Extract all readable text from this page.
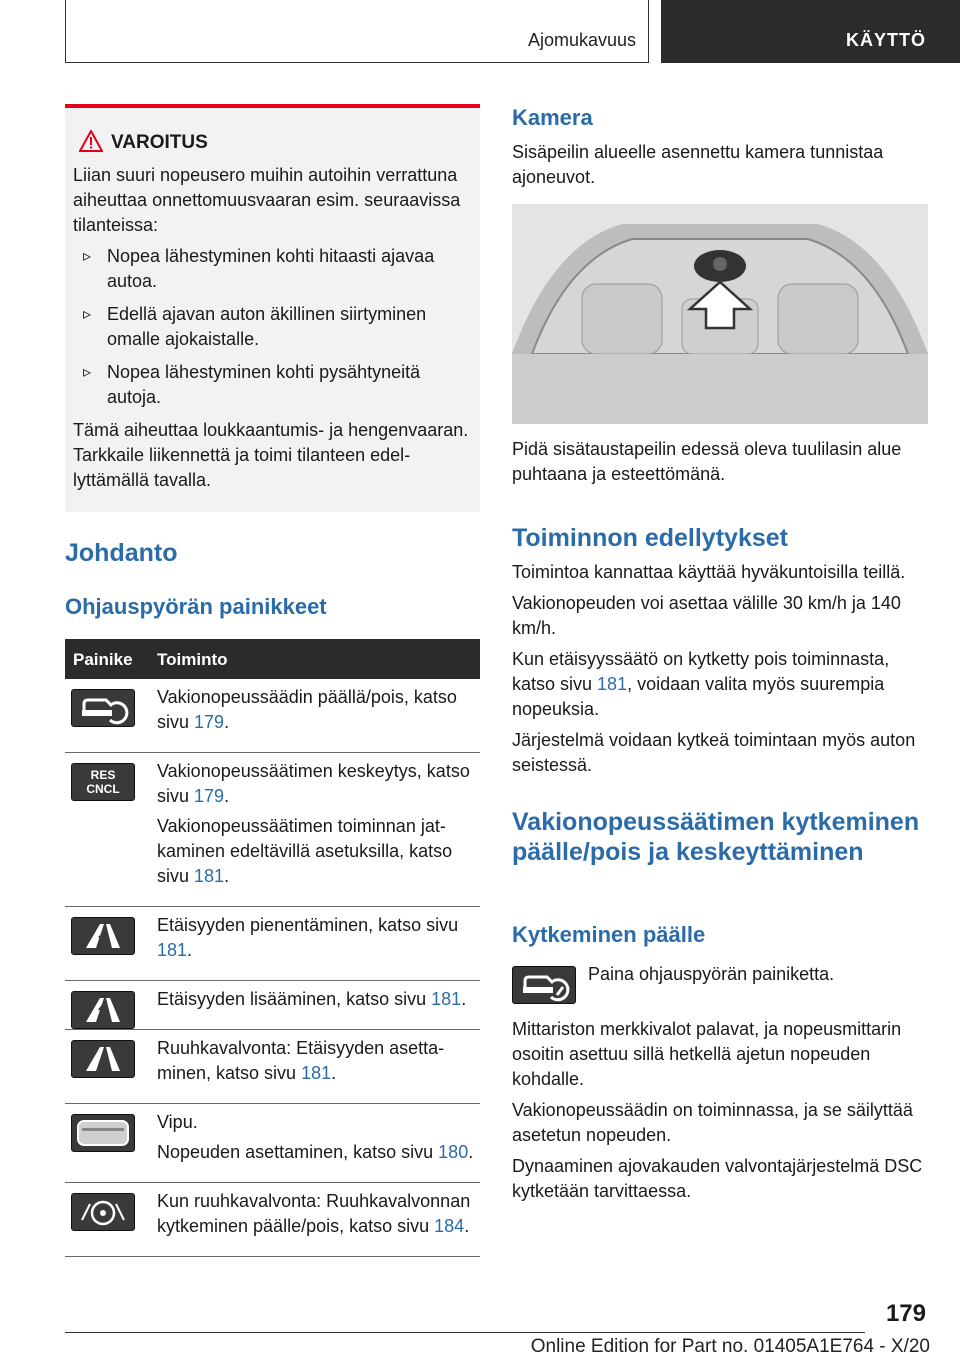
Ajomukavuus	KÄYTTÖ
VAROITUS

Liian suuri nopeusero muihin autoihin verrattuna aiheuttaa onnettomuusvaaran esim. seuraavissa tilanteissa:

▹ Nopea lähestyminen kohti hitaasti ajavaa autoa.
▹ Edellä ajavan auton äkillinen siirtyminen omalle ajokaistalle.
▹ Nopea lähestyminen kohti pysähtyneitä autoja.

Tämä aiheuttaa loukkaantumis- ja hengenvaaran. Tarkkaile liikennettä ja toimi tilanteen edellyttämällä tavalla.

Johdanto
Ohjauspyörän painikkeet
Painike Toiminto

Vakionopeussäädin päällä/pois, katso sivu 179.

RES
CNCL

Vakionopeussäätimen keskeytys, katso sivu 179.

Vakionopeussäätimen toiminnan jatkaminen edeltävillä asetuksilla, katso sivu 181.

Etäisyyden pienentäminen, katso sivu 181.

Etäisyyden lisääminen, katso sivu 181.

Ruuhkavalvonta: Etäisyyden asettaminen, katso sivu 181.

Vipu.

Nopeuden asettaminen, katso sivu 180.

Kun ruuhkavalvonta: Ruuhkavalvonnan kytkeminen päälle/pois, katso sivu 184.

Kamera

Sisäpeilin alueelle asennettu kamera tunnistaa ajoneuvot.

Pidä sisätaustapeilin edessä oleva tuulilasin alue puhtaana ja esteettömänä.

Toiminnon edellytykset

Toimintoa kannattaa käyttää hyväkuntoisilla teillä.

Vakionopeuden voi asettaa välille 30 km/h ja 140 km/h.

Kun etäisyyssäätö on kytketty pois toiminnasta, katso sivu 181, voidaan valita myös suurempia nopeuksia.

Järjestelmä voidaan kytkeä toimintaan myös auton seistessä.

Vakionopeussäätimen kytkeminen päälle/pois ja keskeyttäminen
Kytkeminen päälle

Paina ohjauspyörän painiketta.

Mittariston merkkivalot palavat, ja nopeusmittarin osoitin asettuu sillä hetkellä ajetun nopeuden kohdalle.

Vakionopeussäädin on toiminnassa, ja se säilyttää asetetun nopeuden.

Dynaaminen ajovakauden valvontajärjestelmä DSC kytketään tarvittaessa.

179
Online Edition for Part no. 01405A1E764 - X/20
